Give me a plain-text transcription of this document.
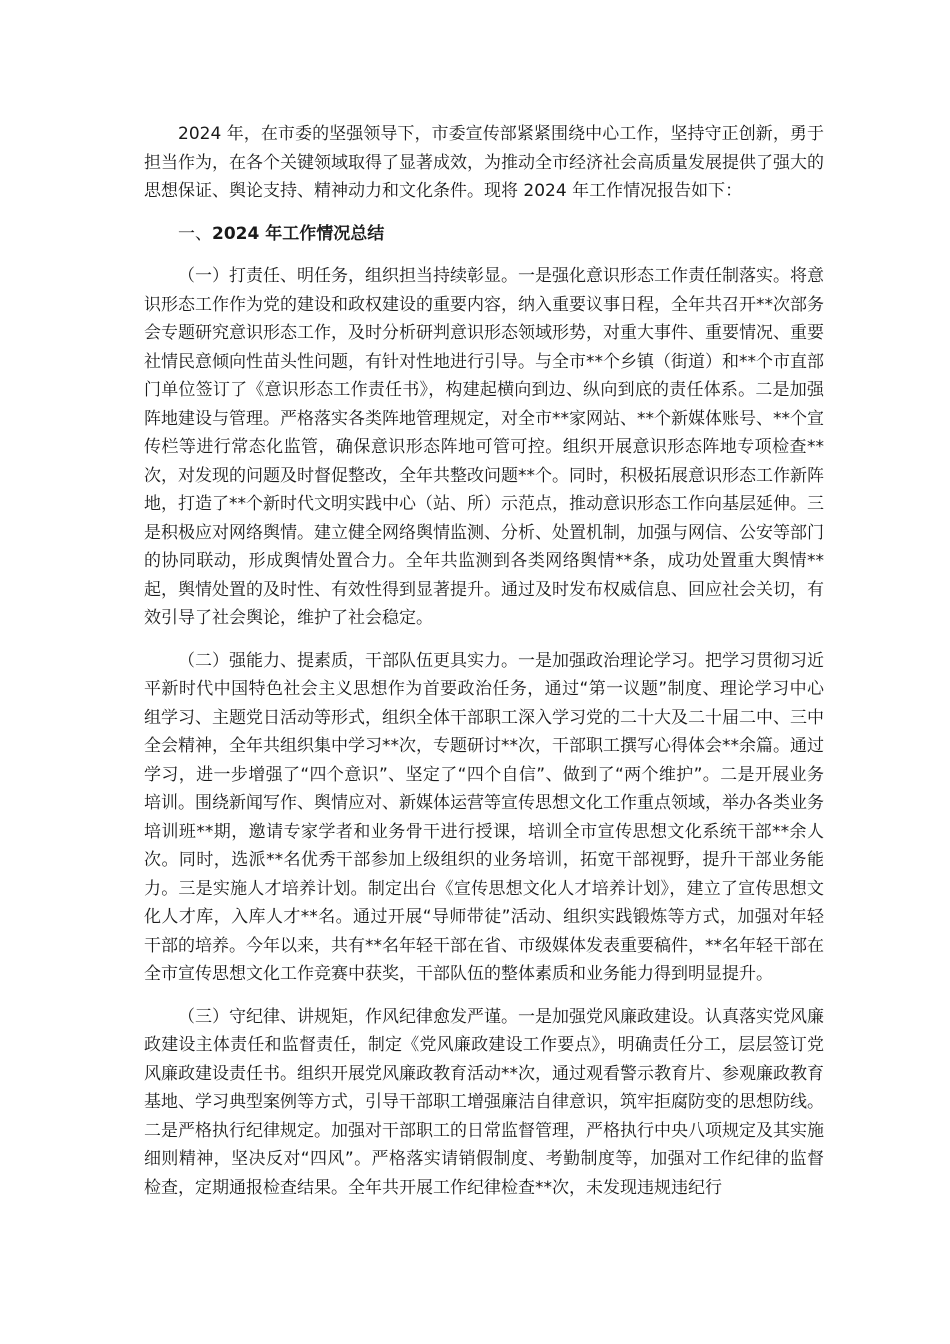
2024 年，在市委的坚强领导下，市委宣传部紧紧围绕中心工作，坚持守正创新，勇于担当作为，在各个关键领域取得了显著成效，为推动全市经济社会高质量发展提供了强大的思想保证、舆论支持、精神动力和文化条件。现将 2024 年工作情况报告如下：

一、2024 年工作情况总结

（一）打责任、明任务，组织担当持续彰显。一是强化意识形态工作责任制落实。将意识形态工作作为党的建设和政权建设的重要内容，纳入重要议事日程，全年共召开**次部务会专题研究意识形态工作，及时分析研判意识形态领域形势，对重大事件、重要情况、重要社情民意倾向性苗头性问题，有针对性地进行引导。与全市**个乡镇（街道）和**个市直部门单位签订了《意识形态工作责任书》，构建起横向到边、纵向到底的责任体系。二是加强阵地建设与管理。严格落实各类阵地管理规定，对全市**家网站、**个新媒体账号、**个宣传栏等进行常态化监管，确保意识形态阵地可管可控。组织开展意识形态阵地专项检查**次，对发现的问题及时督促整改，全年共整改问题**个。同时，积极拓展意识形态工作新阵地，打造了**个新时代文明实践中心（站、所）示范点，推动意识形态工作向基层延伸。三是积极应对网络舆情。建立健全网络舆情监测、分析、处置机制，加强与网信、公安等部门的协同联动，形成舆情处置合力。全年共监测到各类网络舆情**条，成功处置重大舆情**起，舆情处置的及时性、有效性得到显著提升。通过及时发布权威信息、回应社会关切，有效引导了社会舆论，维护了社会稳定。

（二）强能力、提素质，干部队伍更具实力。一是加强政治理论学习。把学习贯彻习近平新时代中国特色社会主义思想作为首要政治任务，通过“第一议题”制度、理论学习中心组学习、主题党日活动等形式，组织全体干部职工深入学习党的二十大及二十届二中、三中全会精神，全年共组织集中学习**次，专题研讨**次，干部职工撰写心得体会**余篇。通过学习，进一步增强了“四个意识”、坚定了“四个自信”、做到了“两个维护”。二是开展业务培训。围绕新闻写作、舆情应对、新媒体运营等宣传思想文化工作重点领域，举办各类业务培训班**期，邀请专家学者和业务骨干进行授课，培训全市宣传思想文化系统干部**余人次。同时，选派**名优秀干部参加上级组织的业务培训，拓宽干部视野，提升干部业务能力。三是实施人才培养计划。制定出台《宣传思想文化人才培养计划》，建立了宣传思想文化人才库，入库人才**名。通过开展“导师带徒”活动、组织实践锻炼等方式，加强对年轻干部的培养。今年以来，共有**名年轻干部在省、市级媒体发表重要稿件，**名年轻干部在全市宣传思想文化工作竞赛中获奖，干部队伍的整体素质和业务能力得到明显提升。

（三）守纪律、讲规矩，作风纪律愈发严谨。一是加强党风廉政建设。认真落实党风廉政建设主体责任和监督责任，制定《党风廉政建设工作要点》，明确责任分工，层层签订党风廉政建设责任书。组织开展党风廉政教育活动**次，通过观看警示教育片、参观廉政教育基地、学习典型案例等方式，引导干部职工增强廉洁自律意识，筑牢拒腐防变的思想防线。二是严格执行纪律规定。加强对干部职工的日常监督管理，严格执行中央八项规定及其实施细则精神，坚决反对“四风”。严格落实请销假制度、考勤制度等，加强对工作纪律的监督检查，定期通报检查结果。全年共开展工作纪律检查**次，未发现违规违纪行
